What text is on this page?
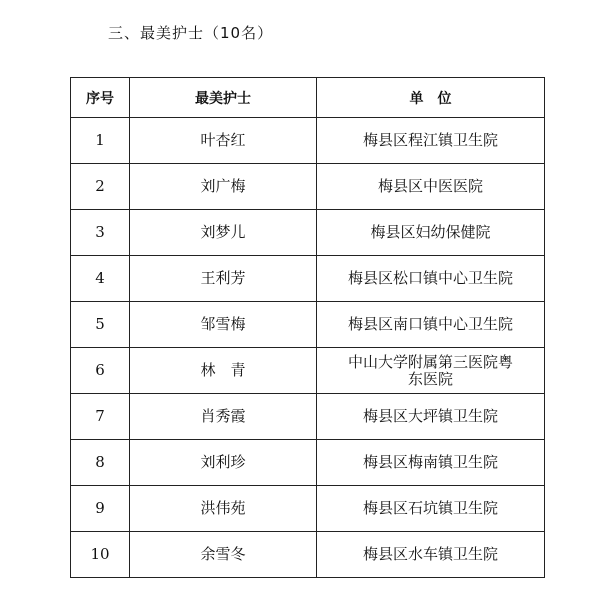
三、最美护士（10名）
序号	最美护士	单　位
1	叶杏红	梅县区程江镇卫生院
2	刘广梅	梅县区中医医院
3	刘梦儿	梅县区妇幼保健院
4	王利芳	梅县区松口镇中心卫生院
5	邹雪梅	梅县区南口镇中心卫生院
6	林　青	中山大学附属第三医院粤东医院
7	肖秀霞	梅县区大坪镇卫生院
8	刘利珍	梅县区梅南镇卫生院
9	洪伟苑	梅县区石坑镇卫生院
10	余雪冬	梅县区水车镇卫生院
